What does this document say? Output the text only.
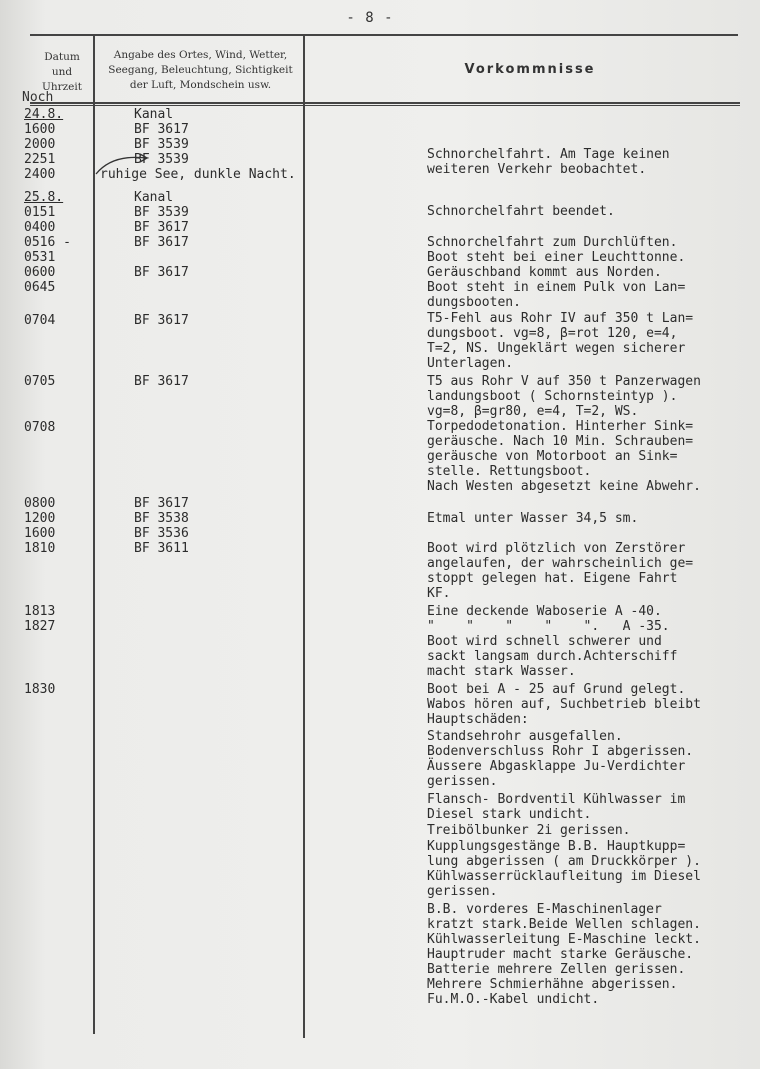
- 8 -
Datum
und
Uhrzeit
Angabe des Ortes, Wind, Wetter,
Seegang, Beleuchtung, Sichtigkeit
der Luft, Mondschein usw.
Vorkommnisse
Noch
24.8.
1600
2000
2251
2400
25.8.
0151
0400
0516 -
0531
0600
0645
0704
0705
0708
0800
1200
1600
1810
1813
1827
1830
Kanal
BF 3617
BF 3539
BF 3539
Kanal
BF 3539
BF 3617
BF 3617
BF 3617
BF 3617
BF 3617
BF 3617
BF 3538
BF 3536
BF 3611
Schnorchelfahrt. Am Tage keinen
weiteren Verkehr beobachtet.
Schnorchelfahrt beendet.
Schnorchelfahrt zum Durchlüften.
Boot steht bei einer Leuchttonne.
Geräuschband kommt aus Norden.
Boot steht in einem Pulk von Lan=
dungsbooten.
T5-Fehl aus Rohr IV auf 350 t Lan=
dungsboot. vg=8, β=rot 120, e=4,
T=2, NS. Ungeklärt wegen sicherer
Unterlagen.
T5 aus Rohr V auf 350 t Panzerwagen
landungsboot ( Schornsteintyp ).
vg=8, β=gr80, e=4, T=2, WS.
Torpedodetonation. Hinterher Sink=
geräusche. Nach 10 Min. Schrauben=
geräusche von Motorboot an Sink=
stelle. Rettungsboot.
Nach Westen abgesetzt keine Abwehr.
Etmal unter Wasser 34,5 sm.
Boot wird plötzlich von Zerstörer
angelaufen, der wahrscheinlich ge=
stoppt gelegen hat. Eigene Fahrt
KF.
Eine deckende Waboserie A -40.
"    "    "    "    ".   A -35.
Boot wird schnell schwerer und
sackt langsam durch.Achterschiff
macht stark Wasser.
Boot bei A - 25 auf Grund gelegt.
Wabos hören auf, Suchbetrieb bleibt
Hauptschäden:
Standsehrohr ausgefallen.
Bodenverschluss Rohr I abgerissen.
Äussere Abgasklappe Ju-Verdichter
gerissen.
Flansch- Bordventil Kühlwasser im
Diesel stark undicht.
Treibölbunker 2i gerissen.
Kupplungsgestänge B.B. Hauptkupp=
lung abgerissen ( am Druckkörper ).
Kühlwasserrücklaufleitung im Diesel
gerissen.
B.B. vorderes E-Maschinenlager
kratzt stark.Beide Wellen schlagen.
Kühlwasserleitung E-Maschine leckt.
Hauptruder macht starke Geräusche.
Batterie mehrere Zellen gerissen.
Mehrere Schmierhähne abgerissen.
Fu.M.O.-Kabel undicht.
ruhige See, dunkle Nacht.
